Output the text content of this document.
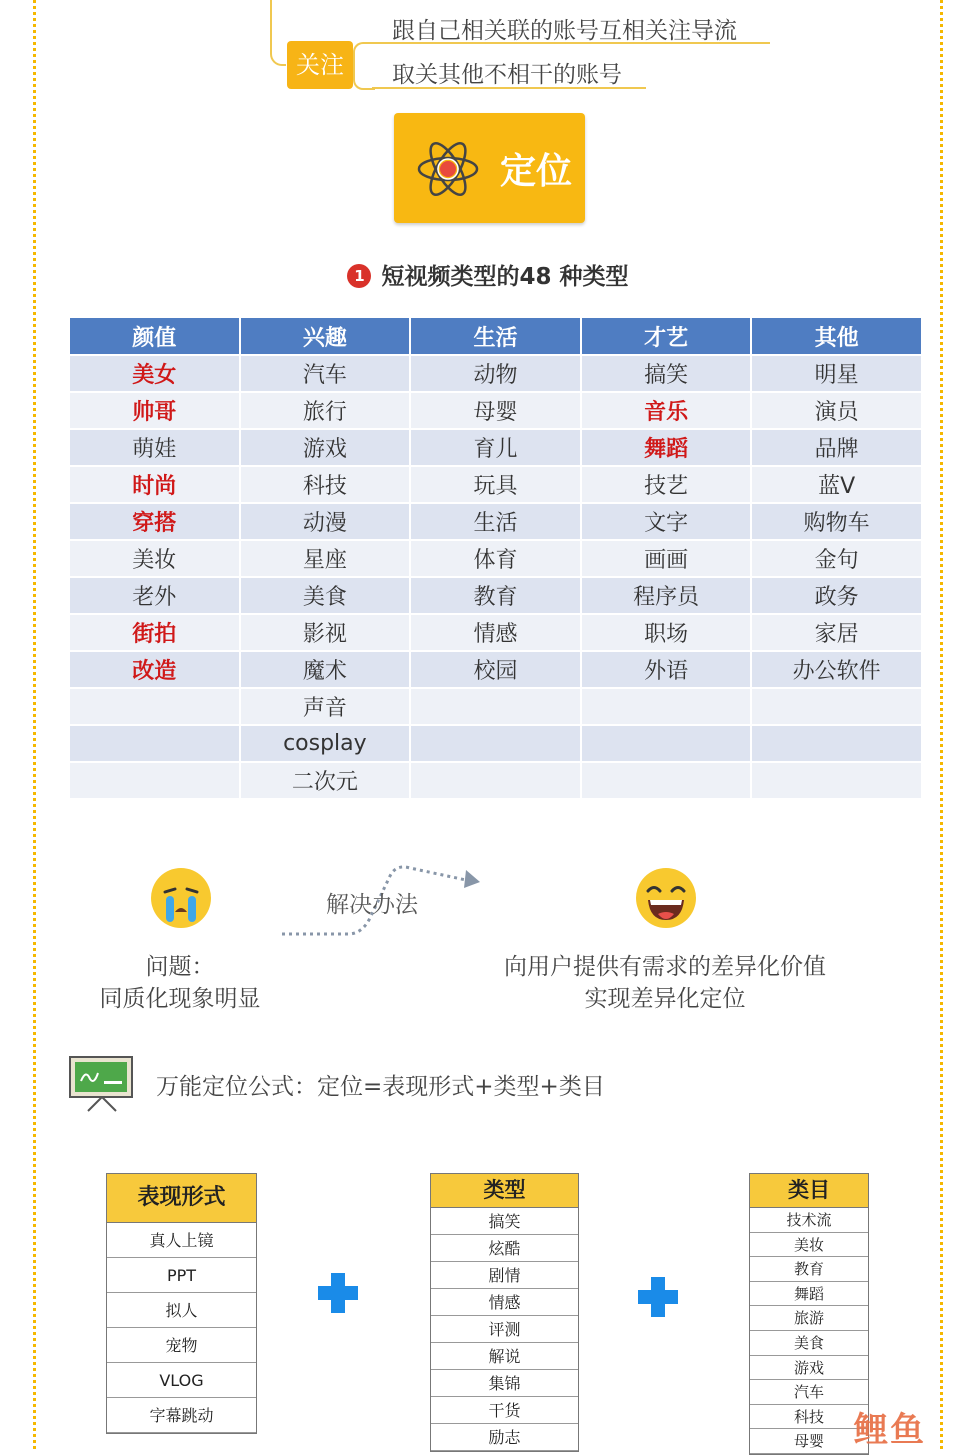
关注
跟自己相关联的账号互相关注导流
取关其他不相干的账号
定位
1 短视频类型的48 种类型
颜值	兴趣	生活	才艺	其他
美女	汽车	动物	搞笑	明星
帅哥	旅行	母婴	音乐	演员
萌娃	游戏	育儿	舞蹈	品牌
时尚	科技	玩具	技艺	蓝V
穿搭	动漫	生活	文字	购物车
美妆	星座	体育	画画	金句
老外	美食	教育	程序员	政务
街拍	影视	情感	职场	家居
改造	魔术	校园	外语	办公软件
	声音			
	cosplay			
	二次元			
问题：
同质化现象明显
解决办法
向用户提供有需求的差异化价值
实现差异化定位
万能定位公式：定位=表现形式+类型+类目
表现形式
真人上镜
PPT
拟人
宠物
VLOG
字幕跳动
类型
搞笑
炫酷
剧情
情感
评测
解说
集锦
干货
励志
类目
技术流
美妆
教育
舞蹈
旅游
美食
游戏
汽车
科技
母婴 鲤鱼
